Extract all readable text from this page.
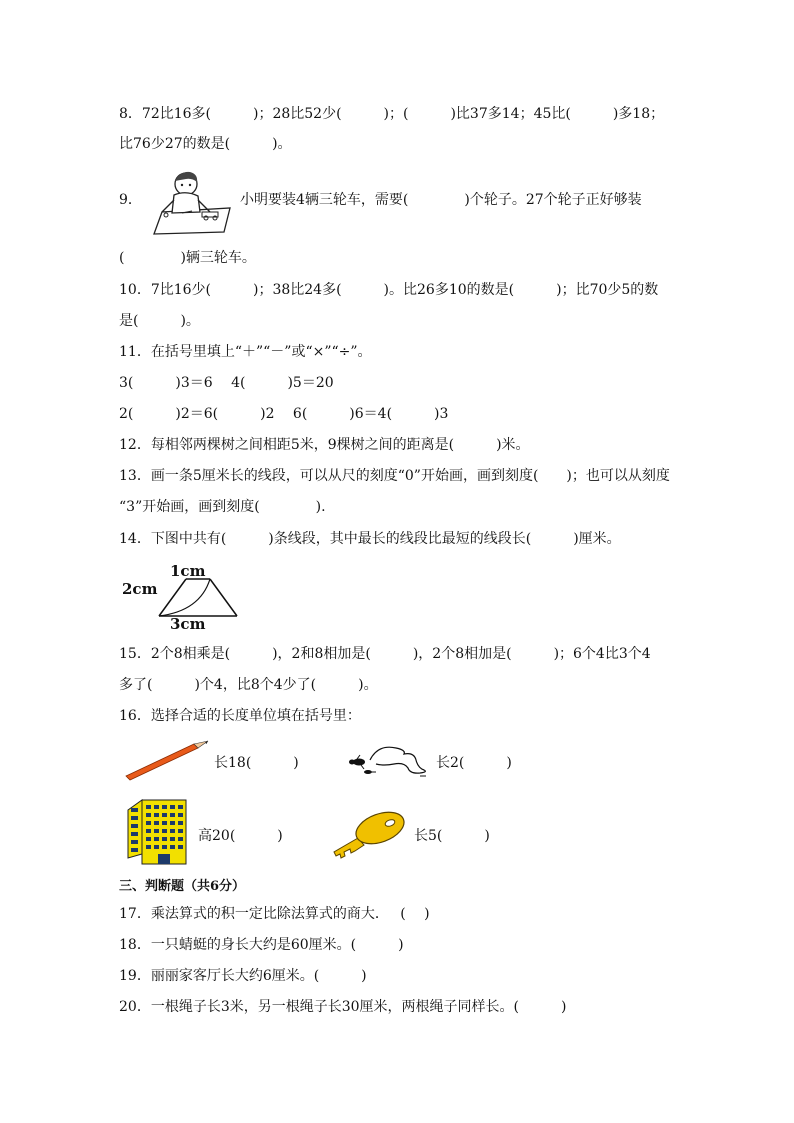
8．72比16多(　　　)；28比52少(　　　)；(　　　)比37多14；45比(　　　)多18；
比76少27的数是(　　　)。
9．	小明要装4辆三轮车，需要(　　　　)个轮子。27个轮子正好够装
(　　　　)辆三轮车。
10．7比16少(　　　)；38比24多(　　　)。比26多10的数是(　　　)；比70少5的数
是(　　　)。
11．在括号里填上“＋”“－”或“×”“÷”。
3(　　　)3＝6　 4(　　　)5＝20
2(　　　)2＝6(　　　)2　 6(　　　)6＝4(　　　)3
12．每相邻两棵树之间相距5米，9棵树之间的距离是(　　　)米。
13．画一条5厘米长的线段，可以从尺的刻度“0”开始画，画到刻度(　　)；也可以从刻度
“3”开始画，画到刻度(　　　　).
14．下图中共有(　　　)条线段，其中最长的线段比最短的线段长(　　　)厘米。
1cm
2cm
3cm
15．2个8相乘是(　　　)，2和8相加是(　　　)，2个8相加是(　　　)；6个4比3个4
多了(　　　)个4，比8个4少了(　　　)。
16．选择合适的长度单位填在括号里：
长18(　　　)	长2(　　　)
高20(　　　)	长5(　　　)
三、判断题（共6分）
17．乘法算式的积一定比除法算式的商大．　 (　 )
18．一只蜻蜓的身长大约是60厘米。(　　　)
19．丽丽家客厅长大约6厘米。(　　　)
20．一根绳子长3米，另一根绳子长30厘米，两根绳子同样长。(　　　)
